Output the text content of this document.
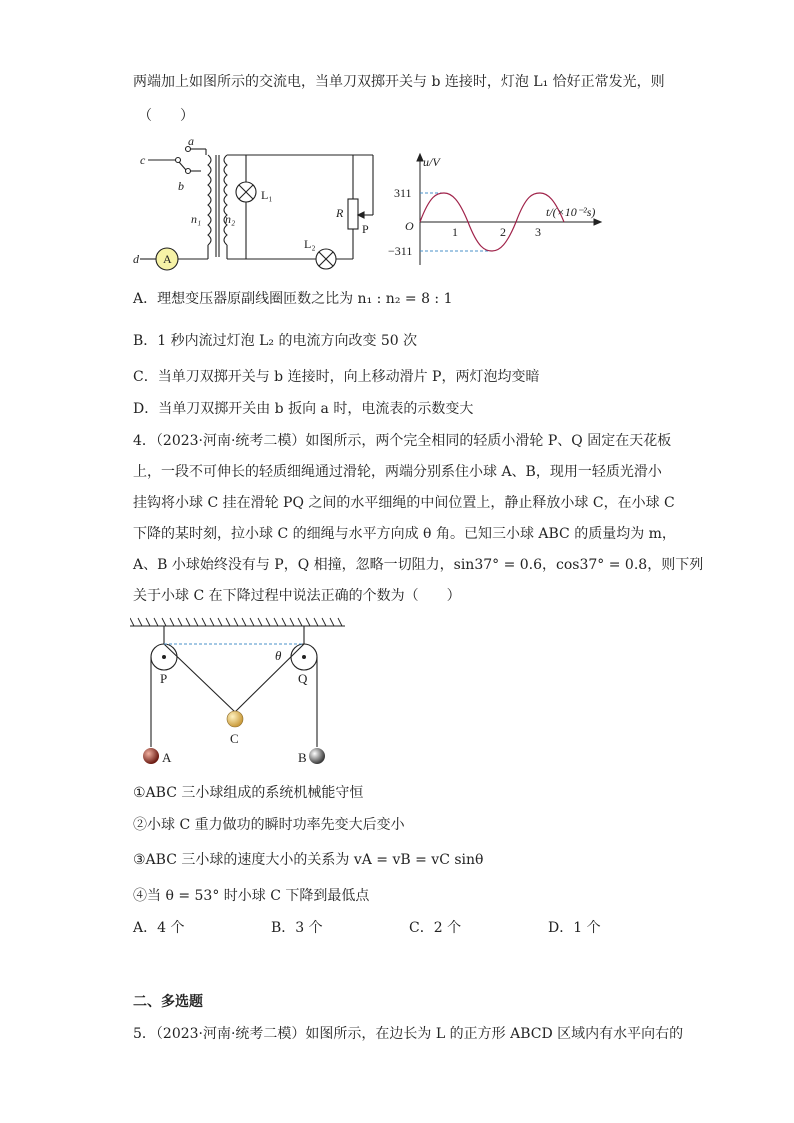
两端加上如图所示的交流电，当单刀双掷开关与 b 连接时，灯泡 L₁ 恰好正常发光，则
（　　）
c
a
b
d A
n₁ n₂
L₁
L₂
R
P
u/V
t/(×10⁻²s)
O
311
−311
1	2 3
A．理想变压器原副线圈匝数之比为 n₁ : n₂ = 8 : 1
B．1 秒内流过灯泡 L₂ 的电流方向改变 50 次
C．当单刀双掷开关与 b 连接时，向上移动滑片 P，两灯泡均变暗
D．当单刀双掷开关由 b 扳向 a 时，电流表的示数变大
4．（2023·河南·统考二模）如图所示，两个完全相同的轻质小滑轮 P、Q 固定在天花板
上，一段不可伸长的轻质细绳通过滑轮，两端分别系住小球 A、B，现用一轻质光滑小
挂钩将小球 C 挂在滑轮 PQ 之间的水平细绳的中间位置上，静止释放小球 C，在小球 C
下降的某时刻，拉小球 C 的细绳与水平方向成 θ 角。已知三小球 ABC 的质量均为 m，
A、B 小球始终没有与 P，Q 相撞，忽略一切阻力，sin37° = 0.6，cos37° = 0.8，则下列
关于小球 C 在下降过程中说法正确的个数为（　　）
P	Q
C
A	B
θ
①ABC 三小球组成的系统机械能守恒
②小球 C 重力做功的瞬时功率先变大后变小
③ABC 三小球的速度大小的关系为 vA = vB = vC sinθ
④当 θ = 53° 时小球 C 下降到最低点
A．4 个	B．3 个	C．2 个	D．1 个
二、多选题
5．（2023·河南·统考二模）如图所示，在边长为 L 的正方形 ABCD 区域内有水平向右的
